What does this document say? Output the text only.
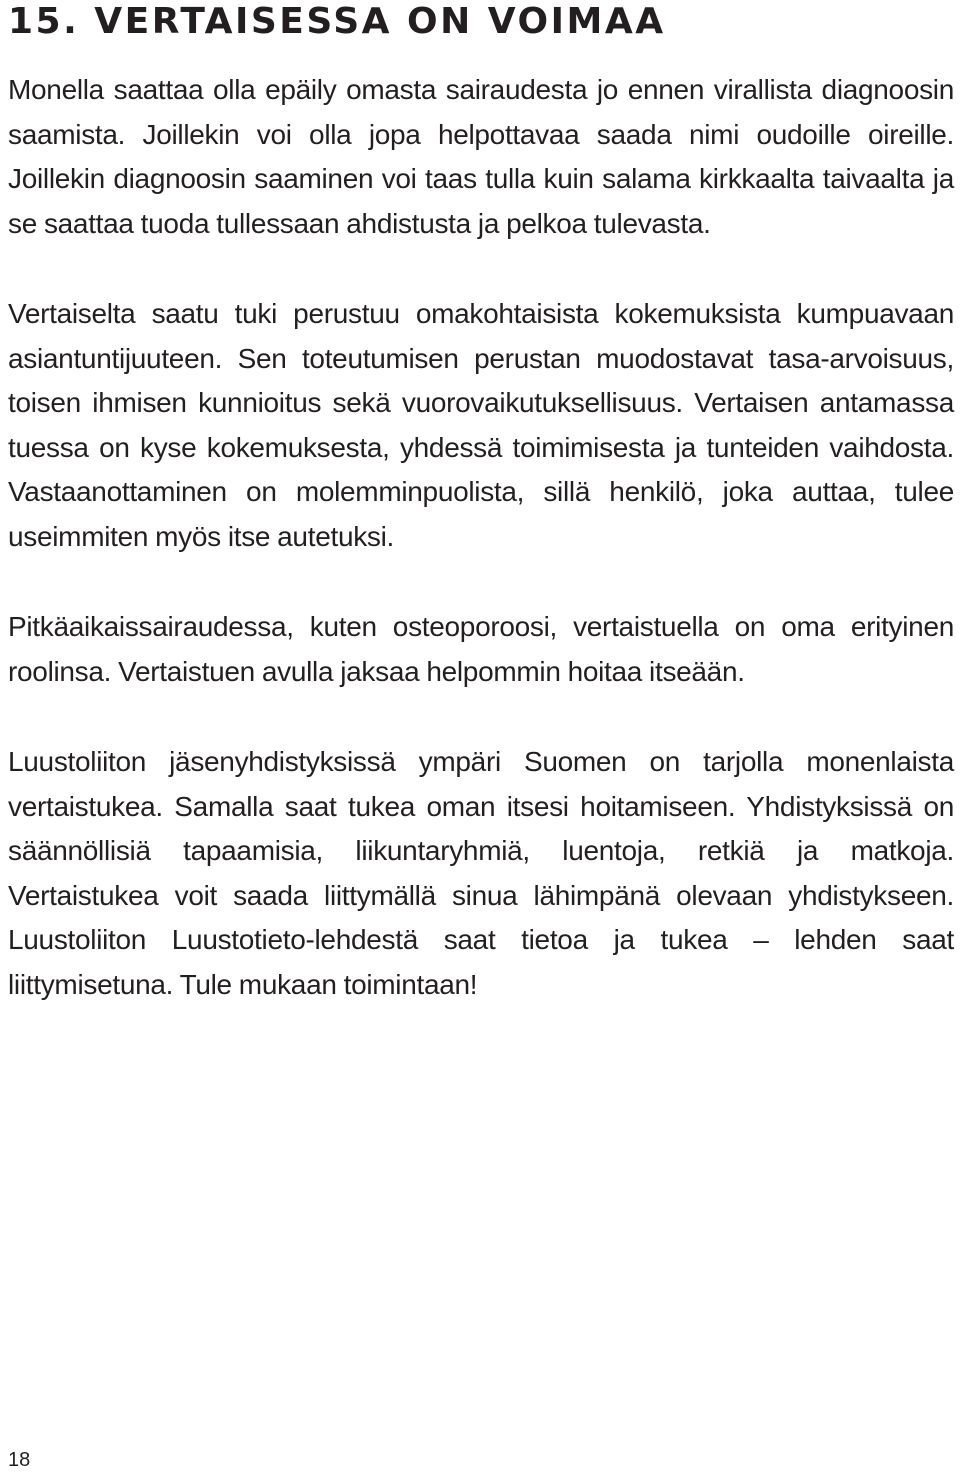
15. VERTAISESSA ON VOIMAA

Monella saattaa olla epäily omasta sairaudesta jo ennen virallista diagnoosin saamista. Joillekin voi olla jopa helpottavaa saada nimi oudoille oireille. Joillekin diagnoosin saaminen voi taas tulla kuin salama kirkkaalta taivaalta ja se saattaa tuoda tullessaan ahdistusta ja pelkoa tulevasta.

Vertaiselta saatu tuki perustuu omakohtaisista kokemuksista kumpuavaan asiantuntijuuteen. Sen toteutumisen perustan muodostavat tasa-arvoisuus, toisen ihmisen kunnioitus sekä vuorovaikutuksellisuus. Vertaisen antamassa tuessa on kyse kokemuksesta, yhdessä toimimisesta ja tunteiden vaihdosta. Vastaanottaminen on molemminpuolista, sillä henkilö, joka auttaa, tulee useimmiten myös itse autetuksi.

Pitkäaikaissairaudessa, kuten osteoporoosi, vertaistuella on oma erityinen roolinsa. Vertaistuen avulla jaksaa helpommin hoitaa itseään.

Luustoliiton jäsenyhdistyksissä ympäri Suomen on tarjolla monenlaista vertaistukea. Samalla saat tukea oman itsesi hoitamiseen. Yhdistyksissä on säännöllisiä tapaamisia, liikuntaryhmiä, luentoja, retkiä ja matkoja. Vertaistukea voit saada liittymällä sinua lähimpänä olevaan yhdistykseen. Luustoliiton Luustotieto-lehdestä saat tietoa ja tukea – lehden saat liittymisetuna. Tule mukaan toimintaan!

18
